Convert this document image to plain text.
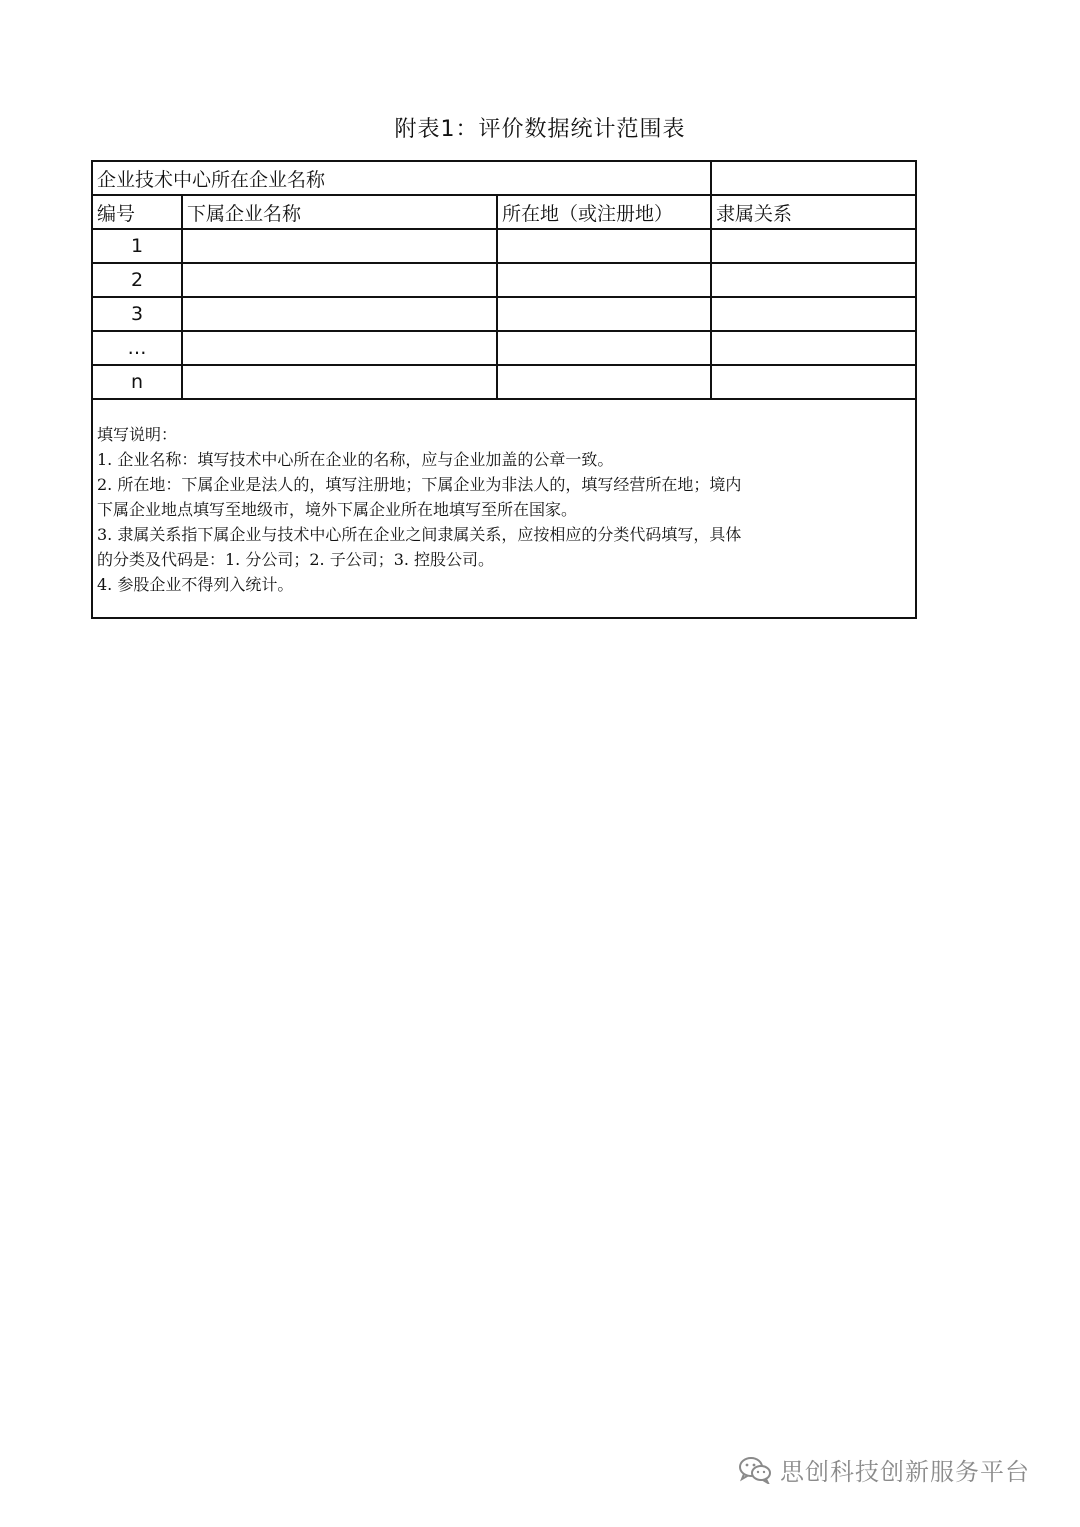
附表1：评价数据统计范围表
企业技术中心所在企业名称			
编号	下属企业名称	所在地（或注册地）	隶属关系
1			
2			
3			
…			
n			
填写说明：
1. 企业名称：填写技术中心所在企业的名称，应与企业加盖的公章一致。
2. 所在地：下属企业是法人的，填写注册地；下属企业为非法人的，填写经营所在地；境内
下属企业地点填写至地级市，境外下属企业所在地填写至所在国家。
3. 隶属关系指下属企业与技术中心所在企业之间隶属关系，应按相应的分类代码填写，具体
的分类及代码是：1. 分公司；2. 子公司；3. 控股公司。
4. 参股企业不得列入统计。
思创科技创新服务平台
